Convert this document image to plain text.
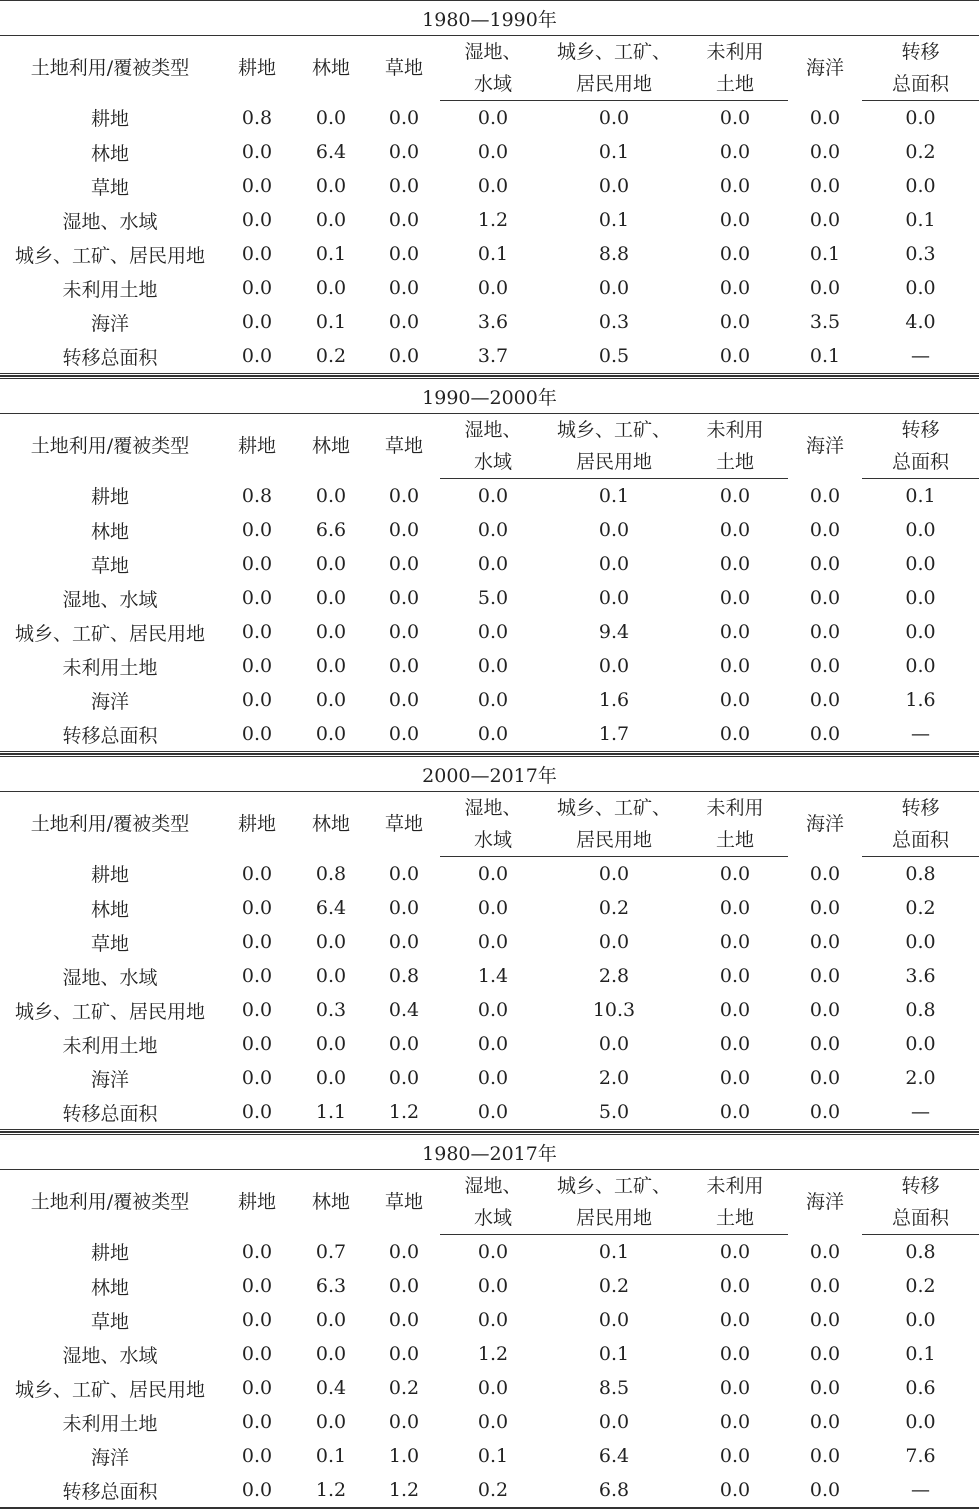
1980—1990年								
土地利用/覆被类型	耕地	林地	草地	湿地、	城乡、工矿、	未利用	海洋	转移
				水域	居民用地	土地		总面积
耕地	0.8	0.0	0.0	0.0	0.0	0.0	0.0	0.0
林地	0.0	6.4	0.0	0.0	0.1	0.0	0.0	0.2
草地	0.0	0.0	0.0	0.0	0.0	0.0	0.0	0.0
湿地、水域	0.0	0.0	0.0	1.2	0.1	0.0	0.0	0.1
城乡、工矿、居民用地	0.0	0.1	0.0	0.1	8.8	0.0	0.1	0.3
未利用土地	0.0	0.0	0.0	0.0	0.0	0.0	0.0	0.0
海洋	0.0	0.1	0.0	3.6	0.3	0.0	3.5	4.0
转移总面积	0.0	0.2	0.0	3.7	0.5	0.0	0.1	—
1990—2000年								
土地利用/覆被类型	耕地	林地	草地	湿地、	城乡、工矿、	未利用	海洋	转移
				水域	居民用地	土地		总面积
耕地	0.8	0.0	0.0	0.0	0.1	0.0	0.0	0.1
林地	0.0	6.6	0.0	0.0	0.0	0.0	0.0	0.0
草地	0.0	0.0	0.0	0.0	0.0	0.0	0.0	0.0
湿地、水域	0.0	0.0	0.0	5.0	0.0	0.0	0.0	0.0
城乡、工矿、居民用地	0.0	0.0	0.0	0.0	9.4	0.0	0.0	0.0
未利用土地	0.0	0.0	0.0	0.0	0.0	0.0	0.0	0.0
海洋	0.0	0.0	0.0	0.0	1.6	0.0	0.0	1.6
转移总面积	0.0	0.0	0.0	0.0	1.7	0.0	0.0	—
2000—2017年								
土地利用/覆被类型	耕地	林地	草地	湿地、	城乡、工矿、	未利用	海洋	转移
				水域	居民用地	土地		总面积
耕地	0.0	0.8	0.0	0.0	0.0	0.0	0.0	0.8
林地	0.0	6.4	0.0	0.0	0.2	0.0	0.0	0.2
草地	0.0	0.0	0.0	0.0	0.0	0.0	0.0	0.0
湿地、水域	0.0	0.0	0.8	1.4	2.8	0.0	0.0	3.6
城乡、工矿、居民用地	0.0	0.3	0.4	0.0	10.3	0.0	0.0	0.8
未利用土地	0.0	0.0	0.0	0.0	0.0	0.0	0.0	0.0
海洋	0.0	0.0	0.0	0.0	2.0	0.0	0.0	2.0
转移总面积	0.0	1.1	1.2	0.0	5.0	0.0	0.0	—
1980—2017年								
土地利用/覆被类型	耕地	林地	草地	湿地、	城乡、工矿、	未利用	海洋	转移
				水域	居民用地	土地		总面积
耕地	0.0	0.7	0.0	0.0	0.1	0.0	0.0	0.8
林地	0.0	6.3	0.0	0.0	0.2	0.0	0.0	0.2
草地	0.0	0.0	0.0	0.0	0.0	0.0	0.0	0.0
湿地、水域	0.0	0.0	0.0	1.2	0.1	0.0	0.0	0.1
城乡、工矿、居民用地	0.0	0.4	0.2	0.0	8.5	0.0	0.0	0.6
未利用土地	0.0	0.0	0.0	0.0	0.0	0.0	0.0	0.0
海洋	0.0	0.1	1.0	0.1	6.4	0.0	0.0	7.6
转移总面积	0.0	1.2	1.2	0.2	6.8	0.0	0.0	—
